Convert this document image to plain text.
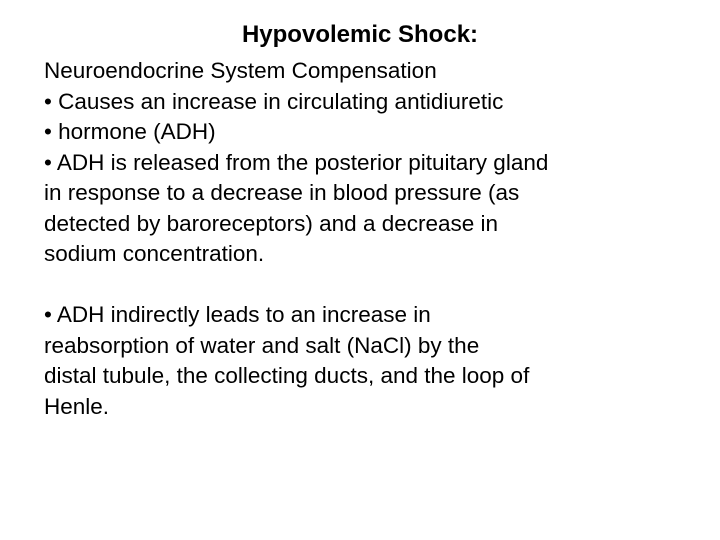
Hypovolemic Shock:
Neuroendocrine System Compensation
• Causes an increase in circulating antidiuretic
• hormone (ADH)
• ADH is released from the posterior pituitary gland
in response to a decrease in blood pressure (as
detected by baroreceptors) and a decrease in
sodium concentration.
• ADH indirectly leads to an increase in
reabsorption of water and salt (NaCl) by the
distal tubule, the collecting ducts, and the loop of
Henle.
